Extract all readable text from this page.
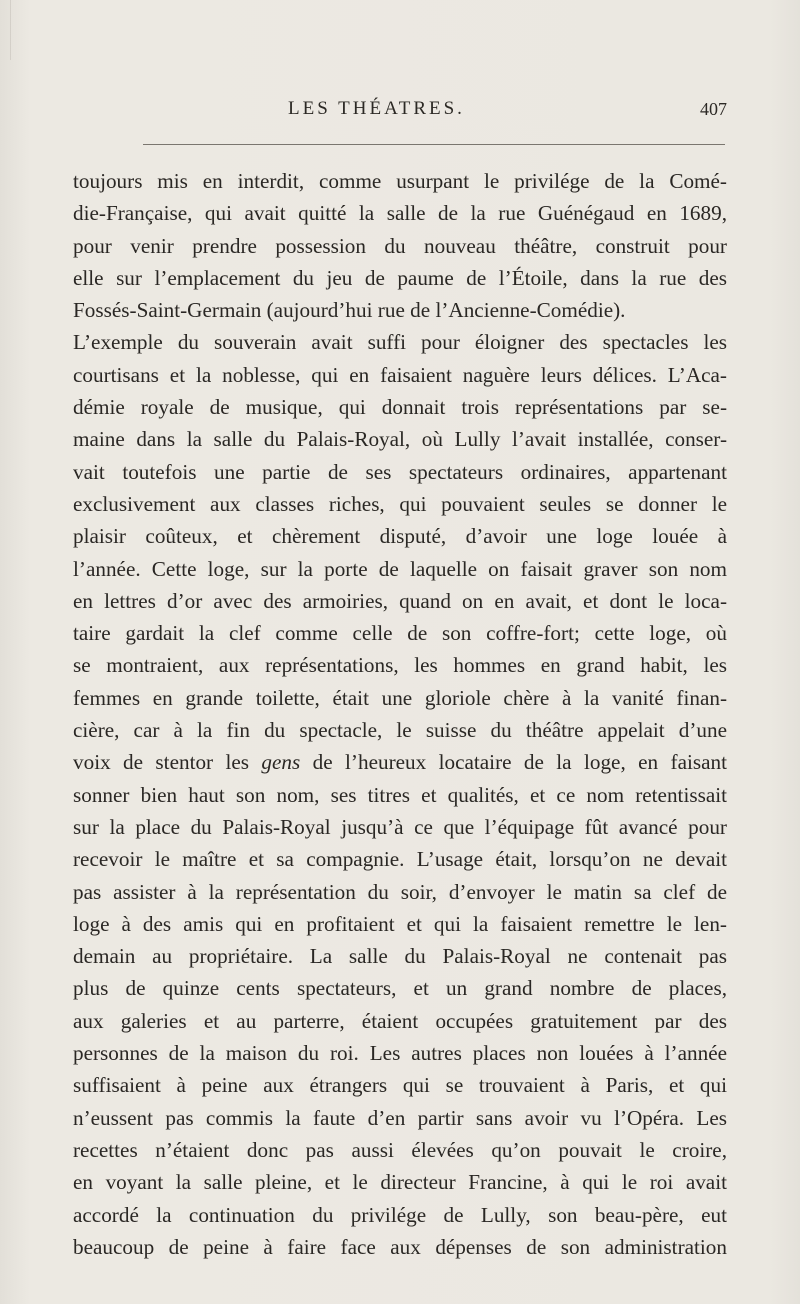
LES THÉATRES.	407
toujours mis en interdit, comme usurpant le privilége de la Comé-
die-Française, qui avait quitté la salle de la rue Guénégaud en 1689,
pour venir prendre possession du nouveau théâtre, construit pour
elle sur l’emplacement du jeu de paume de l’Étoile, dans la rue des
Fossés-Saint-Germain (aujourd’hui rue de l’Ancienne-Comédie).
L’exemple du souverain avait suffi pour éloigner des spectacles les
courtisans et la noblesse, qui en faisaient naguère leurs délices. L’Aca-
démie royale de musique, qui donnait trois représentations par se-
maine dans la salle du Palais-Royal, où Lully l’avait installée, conser-
vait toutefois une partie de ses spectateurs ordinaires, appartenant
exclusivement aux classes riches, qui pouvaient seules se donner le
plaisir coûteux, et chèrement disputé, d’avoir une loge louée à
l’année. Cette loge, sur la porte de laquelle on faisait graver son nom
en lettres d’or avec des armoiries, quand on en avait, et dont le loca-
taire gardait la clef comme celle de son coffre-fort; cette loge, où
se montraient, aux représentations, les hommes en grand habit, les
femmes en grande toilette, était une gloriole chère à la vanité finan-
cière, car à la fin du spectacle, le suisse du théâtre appelait d’une
voix de stentor les gens de l’heureux locataire de la loge, en faisant
sonner bien haut son nom, ses titres et qualités, et ce nom retentissait
sur la place du Palais-Royal jusqu’à ce que l’équipage fût avancé pour
recevoir le maître et sa compagnie. L’usage était, lorsqu’on ne devait
pas assister à la représentation du soir, d’envoyer le matin sa clef de
loge à des amis qui en profitaient et qui la faisaient remettre le len-
demain au propriétaire. La salle du Palais-Royal ne contenait pas
plus de quinze cents spectateurs, et un grand nombre de places,
aux galeries et au parterre, étaient occupées gratuitement par des
personnes de la maison du roi. Les autres places non louées à l’année
suffisaient à peine aux étrangers qui se trouvaient à Paris, et qui
n’eussent pas commis la faute d’en partir sans avoir vu l’Opéra. Les
recettes n’étaient donc pas aussi élevées qu’on pouvait le croire,
en voyant la salle pleine, et le directeur Francine, à qui le roi avait
accordé la continuation du privilége de Lully, son beau-père, eut
beaucoup de peine à faire face aux dépenses de son administration
